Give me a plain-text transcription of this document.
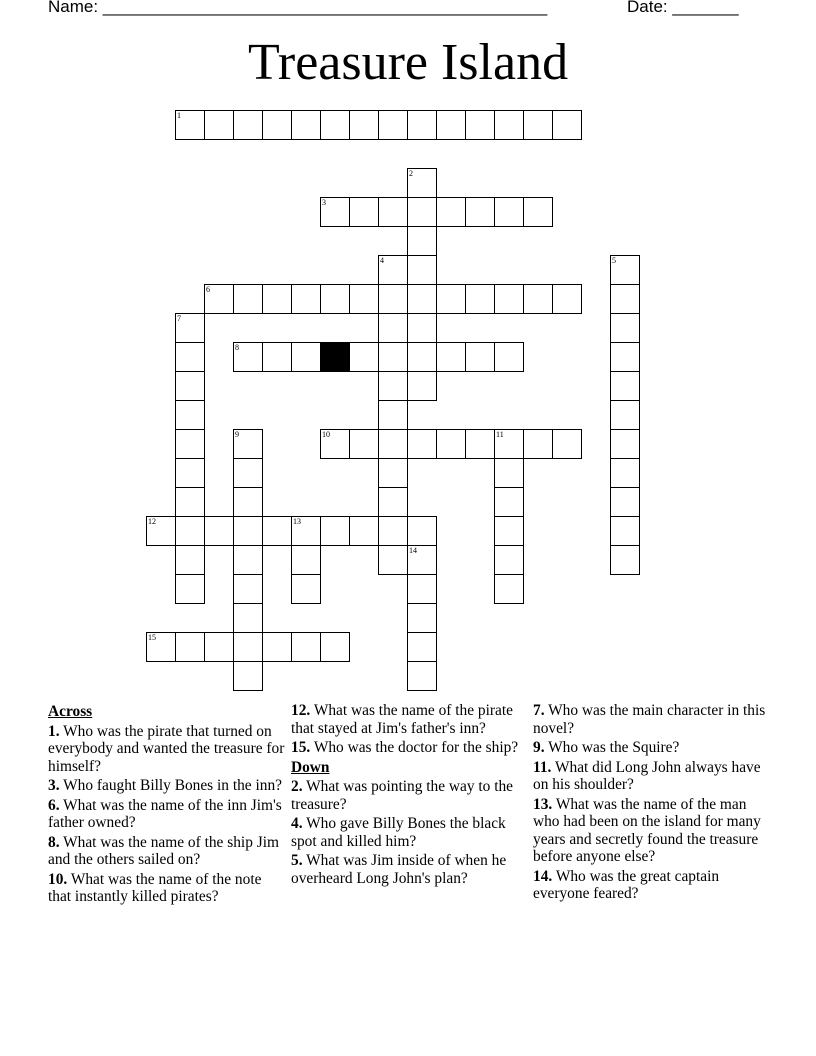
Name: _______________________________________________	Date: _______
Treasure Island
1
2
3
4	5
6
7
8
9	10	11
12	13
14
15
Across
1. Who was the pirate that turned on everybody and wanted the treasure for himself?
3. Who faught Billy Bones in the inn?
6. What was the name of the inn Jim's father owned?
8. What was the name of the ship Jim and the others sailed on?
10. What was the name of the note that instantly killed pirates?
12. What was the name of the pirate that stayed at Jim's father's inn?
15. Who was the doctor for the ship?
Down
2. What was pointing the way to the treasure?
4. Who gave Billy Bones the black spot and killed him?
5. What was Jim inside of when he overheard Long John's plan?
7. Who was the main character in this novel?
9. Who was the Squire?
11. What did Long John always have on his shoulder?
13. What was the name of the man who had been on the island for many years and secretly found the treasure before anyone else?
14. Who was the great captain everyone feared?
